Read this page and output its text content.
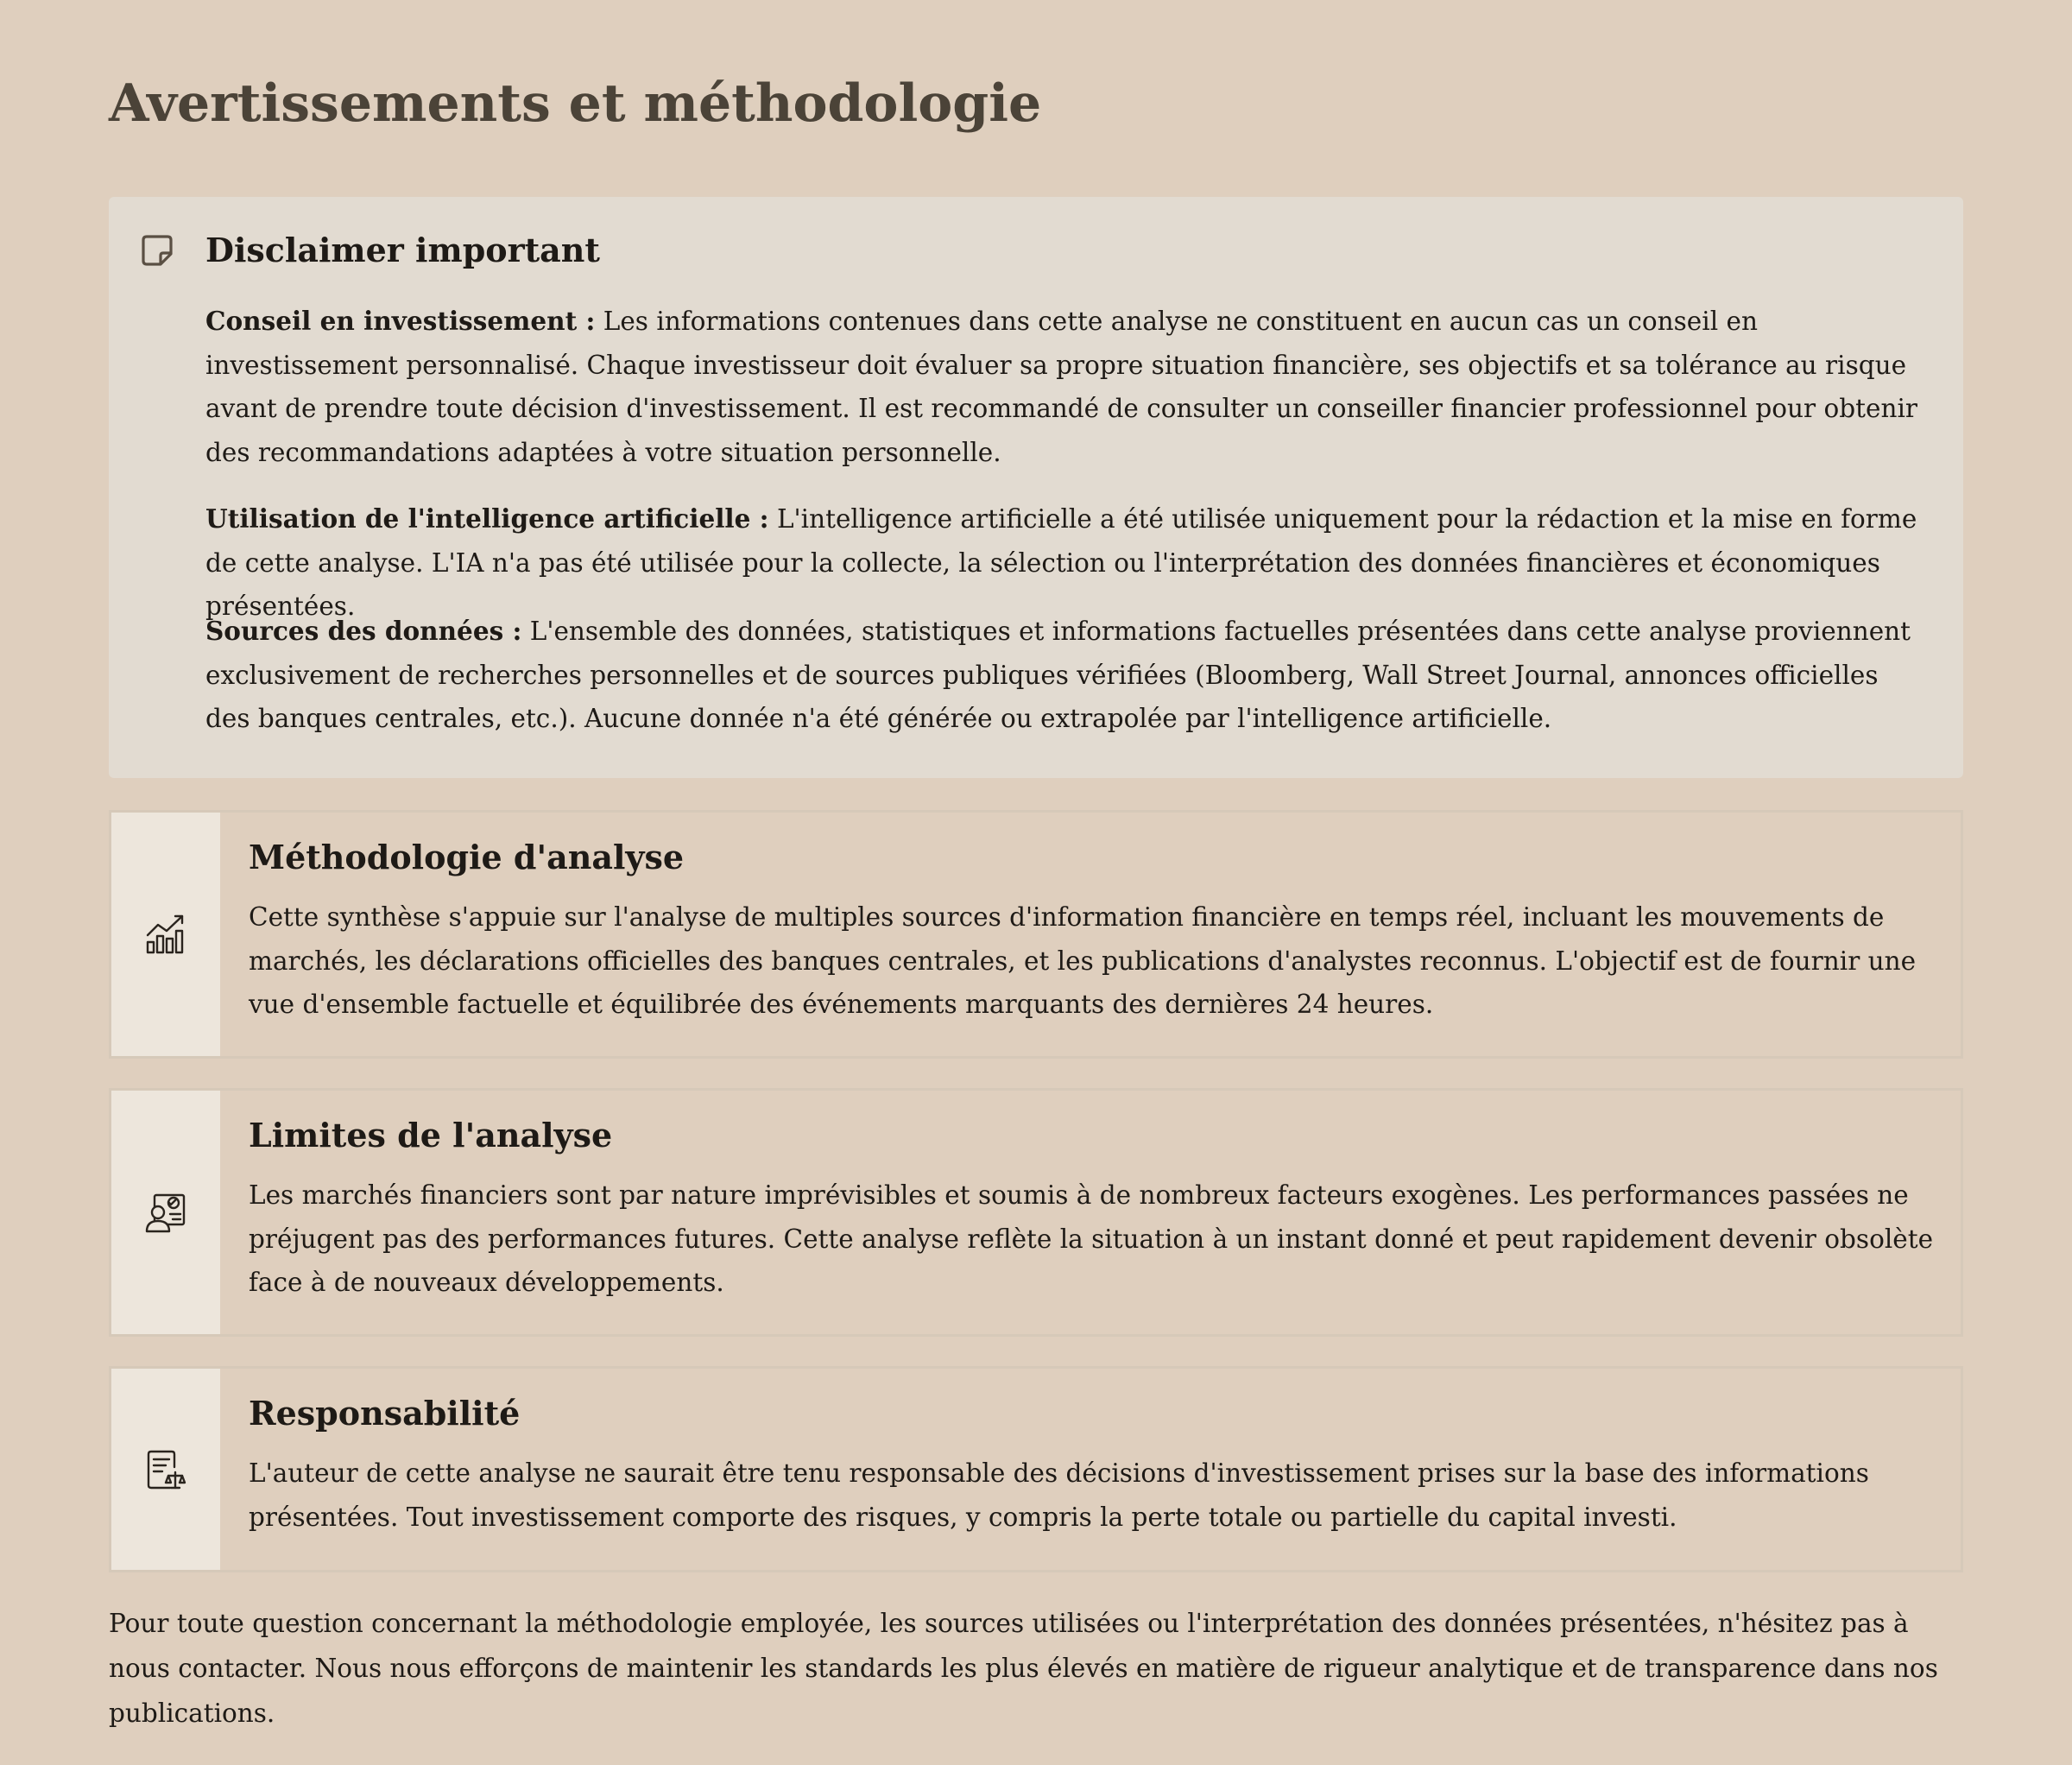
Avertissements et méthodologie
Disclaimer important

Conseil en investissement : Les informations contenues dans cette analyse ne constituent en aucun cas un conseil en investissement personnalisé. Chaque investisseur doit évaluer sa propre situation financière, ses objectifs et sa tolérance au risque avant de prendre toute décision d'investissement. Il est recommandé de consulter un conseiller financier professionnel pour obtenir des recommandations adaptées à votre situation personnelle.

Utilisation de l'intelligence artificielle : L'intelligence artificielle a été utilisée uniquement pour la rédaction et la mise en forme de cette analyse. L'IA n'a pas été utilisée pour la collecte, la sélection ou l'interprétation des données financières et économiques présentées.

Sources des données : L'ensemble des données, statistiques et informations factuelles présentées dans cette analyse proviennent exclusivement de recherches personnelles et de sources publiques vérifiées (Bloomberg, Wall Street Journal, annonces officielles des banques centrales, etc.). Aucune donnée n'a été générée ou extrapolée par l'intelligence artificielle.

Méthodologie d'analyse

Cette synthèse s'appuie sur l'analyse de multiples sources d'information financière en temps réel, incluant les mouvements de marchés, les déclarations officielles des banques centrales, et les publications d'analystes reconnus. L'objectif est de fournir une vue d'ensemble factuelle et équilibrée des événements marquants des dernières 24 heures.

Limites de l'analyse

Les marchés financiers sont par nature imprévisibles et soumis à de nombreux facteurs exogènes. Les performances passées ne préjugent pas des performances futures. Cette analyse reflète la situation à un instant donné et peut rapidement devenir obsolète face à de nouveaux développements.

Responsabilité

L'auteur de cette analyse ne saurait être tenu responsable des décisions d'investissement prises sur la base des informations présentées. Tout investissement comporte des risques, y compris la perte totale ou partielle du capital investi.

Pour toute question concernant la méthodologie employée, les sources utilisées ou l'interprétation des données présentées, n'hésitez pas à nous contacter. Nous nous efforçons de maintenir les standards les plus élevés en matière de rigueur analytique et de transparence dans nos publications.
